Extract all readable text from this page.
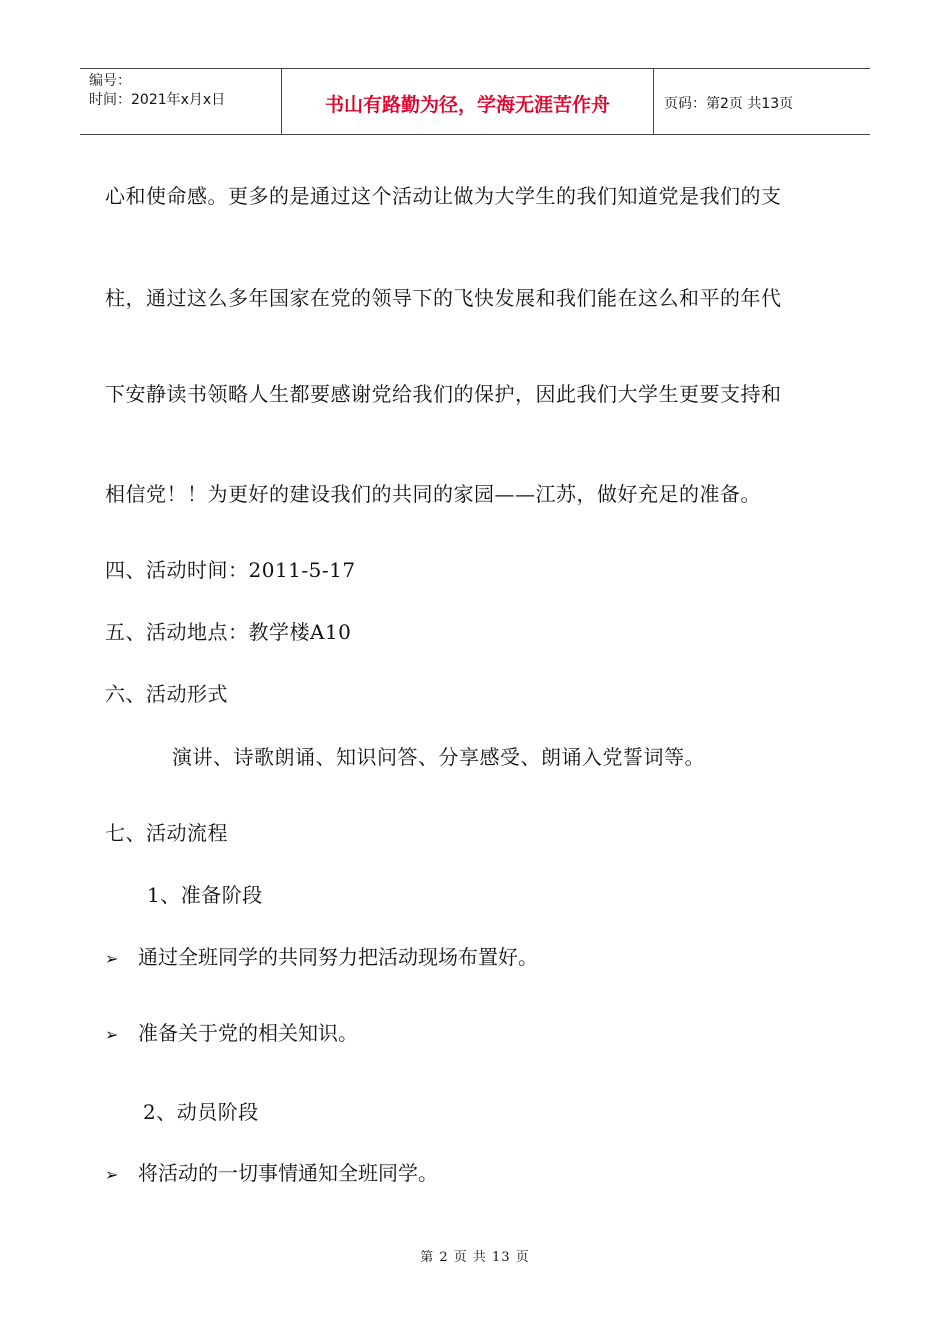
编号：
时间：2021年x月x日	书山有路勤为径，学海无涯苦作舟	页码：第2页 共13页
心和使命感。更多的是通过这个活动让做为大学生的我们知道党是我们的支
柱，通过这么多年国家在党的领导下的飞快发展和我们能在这么和平的年代
下安静读书领略人生都要感谢党给我们的保护，因此我们大学生更要支持和
相信党！！为更好的建设我们的共同的家园——江苏，做好充足的准备。
四、活动时间：2011-5-17
五、活动地点：教学楼A10
六、活动形式
演讲、诗歌朗诵、知识问答、分享感受、朗诵入党誓词等。
七、活动流程
1、准备阶段
➢ 通过全班同学的共同努力把活动现场布置好。
➢ 准备关于党的相关知识。
2、动员阶段
➢ 将活动的一切事情通知全班同学。
第 2 页 共 13 页
